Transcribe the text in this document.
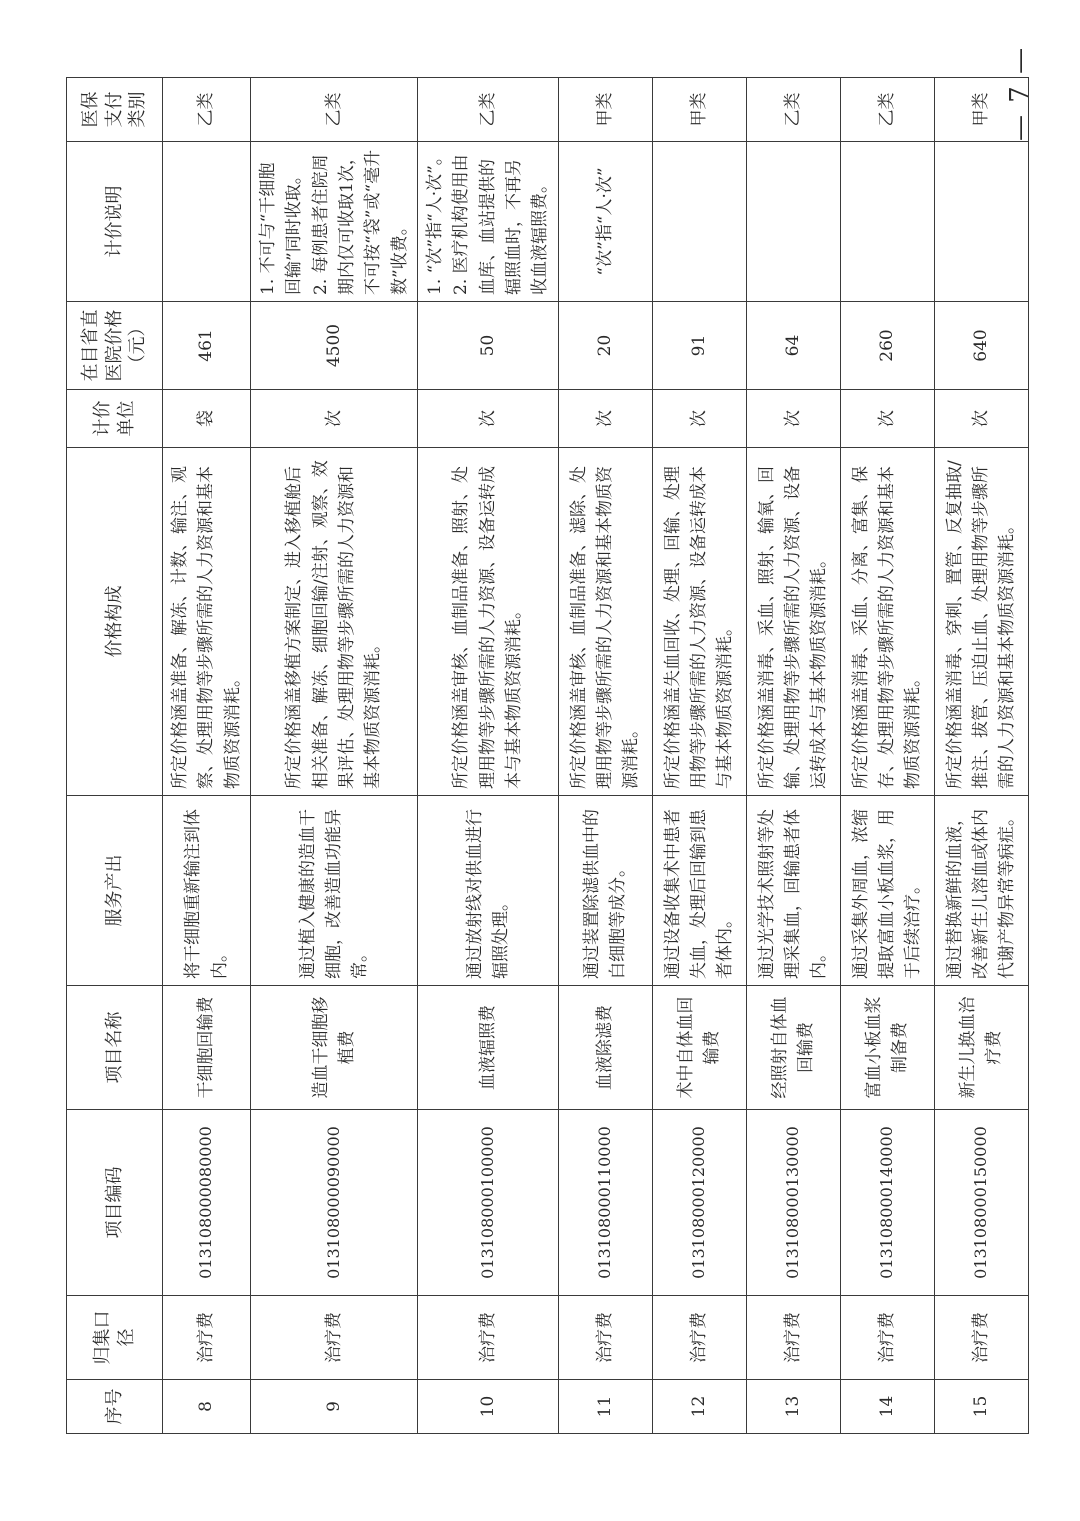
序号	归集口径	项目编码	项目名称	服务产出	价格构成	计价单位	在目省直医院价格（元）	计价说明	医保支付类别
8	治疗费	013108000080000	干细胞回输费	将干细胞重新输注到体内。	所定价格涵盖准备、解冻、计数、输注、观察、处理用物等步骤所需的人力资源和基本物质资源消耗。	袋	461		乙类
9	治疗费	013108000090000	造血干细胞移植费	通过植入健康的造血干细胞，改善造血功能异常。	所定价格涵盖移植方案制定、进入移植舱后相关准备、解冻、细胞回输/注射、观察、效果评估、处理用物等步骤所需的人力资源和基本物质资源消耗。	次	4500	1. 不可与“干细胞回输”同时收取。 2. 每例患者住院周期内仅可收取1次，不可按“袋”或“毫升数”收费。	乙类
10	治疗费	013108000100000	血液辐照费	通过放射线对供血进行辐照处理。	所定价格涵盖审核、血制品准备、照射、处理用物等步骤所需的人力资源、设备运转成本与基本物质资源消耗。	次	50	1. “次”指“人·次”。 2. 医疗机构使用由血库、血站提供的辐照血时，不再另收血液辐照费。	乙类
11	治疗费	013108000110000	血液除滤费	通过装置除滤供血中的白细胞等成分。	所定价格涵盖审核、血制品准备、滤除、处理用物等步骤所需的人力资源和基本物质资源消耗。	次	20	“次”指“人·次”	甲类
12	治疗费	013108000120000	术中自体血回输费	通过设备收集术中患者失血，处理后回输到患者体内。	所定价格涵盖失血回收、处理、回输、处理用物等步骤所需的人力资源、设备运转成本与基本物质资源消耗。	次	91		甲类
13	治疗费	013108000130000	经照射自体血回输费	通过光学技术照射等处理采集血，回输患者体内。	所定价格涵盖消毒、采血、照射、输氧、回输、处理用物等步骤所需的人力资源、设备运转成本与基本物质资源消耗。	次	64		乙类
14	治疗费	013108000140000	富血小板血浆制备费	通过采集外周血，浓缩提取富血小板血浆，用于后续治疗。	所定价格涵盖消毒、采血、分离、富集、保存、处理用物等步骤所需的人力资源和基本物质资源消耗。	次	260		乙类
15	治疗费	013108000150000	新生儿换血治疗费	通过替换新鲜的血液，改善新生儿溶血或体内代谢产物异常等病症。	所定价格涵盖消毒、穿刺、置管、反复抽取/推注、拔管、压迫止血、处理用物等步骤所需的人力资源和基本物质资源消耗。	次	640		甲类 — 7 —
